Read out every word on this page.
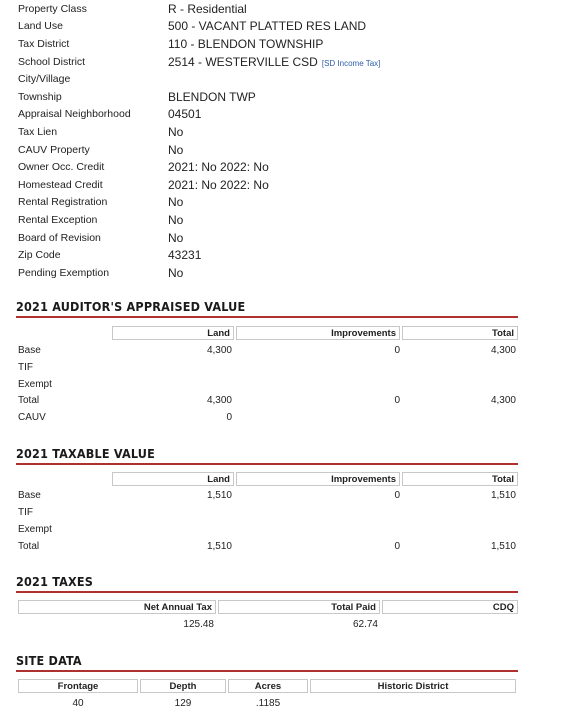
Property Class	R - Residential
Land Use	500 - VACANT PLATTED RES LAND
Tax District	110 - BLENDON TOWNSHIP
School District	2514 - WESTERVILLE CSD [SD Income Tax]
City/Village	
Township	BLENDON TWP
Appraisal Neighborhood	04501
Tax Lien	No
CAUV Property	No
Owner Occ. Credit	2021: No 2022: No
Homestead Credit	2021: No 2022: No
Rental Registration	No
Rental Exception	No
Board of Revision	No
Zip Code	43231
Pending Exemption	No
2021 AUDITOR'S APPRAISED VALUE
Land	Improvements	Total
Base	4,300	0	4,300
TIF
Exempt
Total	4,300	0	4,300
CAUV	0
2021 TAXABLE VALUE
Land	Improvements	Total
Base	1,510	0	1,510
TIF
Exempt
Total	1,510	0	1,510
2021 TAXES
Net Annual Tax	Total Paid	CDQ
125.48	62.74
SITE DATA
Frontage	Depth	Acres	Historic District
40	129	.1185
